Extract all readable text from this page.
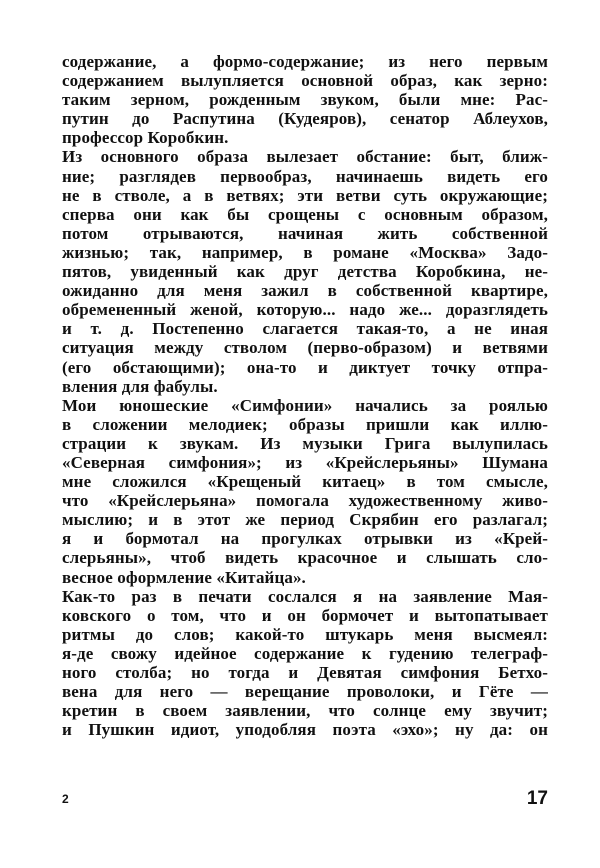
содержание, а формо-содержание; из него первым
содержанием вылупляется основной образ, как зерно:
таким зерном, рожденным звуком, были мне: Рас-
путин до Распутина (Кудеяров), сенатор Аблеухов,
профессор Коробкин.
Из основного образа вылезает обстание: быт, ближ-
ние; разглядев первообраз, начинаешь видеть его
не в стволе, а в ветвях; эти ветви суть окружающие;
сперва они как бы срощены с основным образом,
потом отрываются, начиная жить собственной
жизнью; так, например, в романе «Москва» Задо-
пятов, увиденный как друг детства Коробкина, не-
ожиданно для меня зажил в собственной квартире,
обремененный женой, которую... надо же... доразглядеть
и т. д. Постепенно слагается такая-то, а не иная
ситуация между стволом (перво-образом) и ветвями
(его обстающими); она-то и диктует точку отпра-
вления для фабулы.
Мои юношеские «Симфонии» начались за роялью
в сложении мелодиек; образы пришли как иллю-
страции к звукам. Из музыки Грига вылупилась
«Северная симфония»; из «Крейслерьяны» Шумана
мне сложился «Крещеный китаец» в том смысле,
что «Крейслерьяна» помогала художественному живо-
мыслию; и в этот же период Скрябин его разлагал;
я и бормотал на прогулках отрывки из «Крей-
слерьяны», чтоб видеть красочное и слышать сло-
весное оформление «Китайца».
Как-то раз в печати сослался я на заявление Мая-
ковского о том, что и он бормочет и вытопатывает
ритмы до слов; какой-то штукарь меня высмеял:
я-де свожу идейное содержание к гудению телеграф-
ного столба; но тогда и Девятая симфония Бетхо-
вена для него — верещание проволоки, и Гёте —
кретин в своем заявлении, что солнце ему звучит;
и Пушкин идиот, уподобляя поэта «эхо»; ну да: он
2	17
